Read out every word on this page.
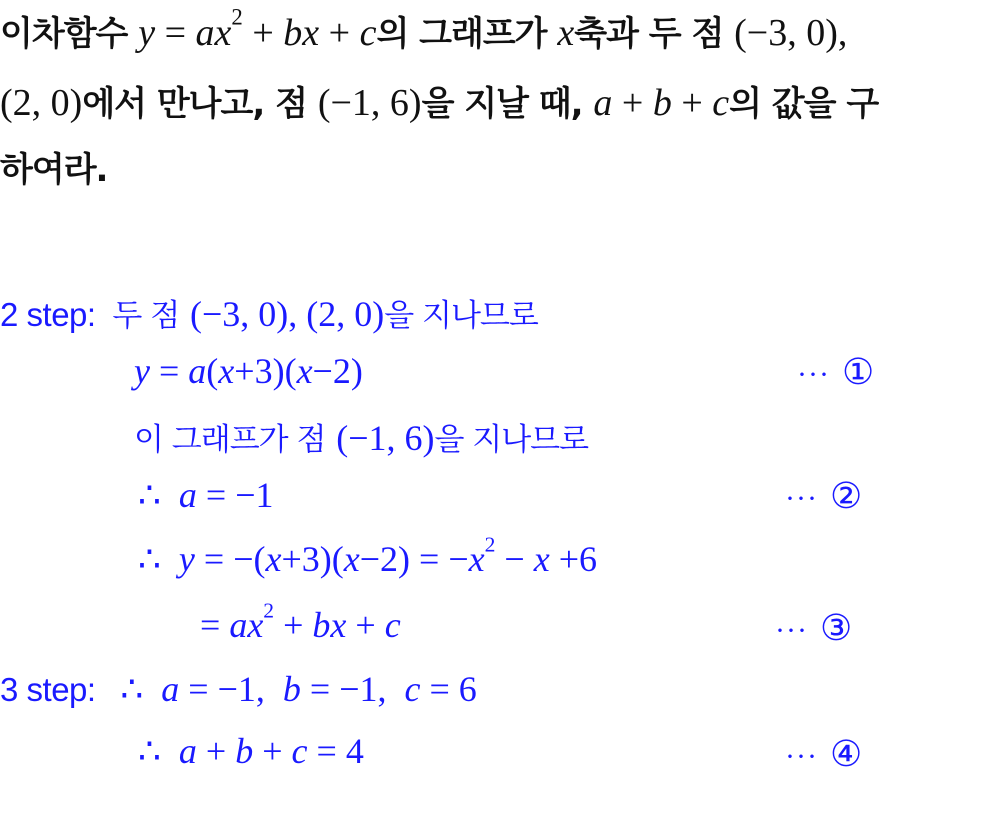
이차함수 $y = ax^2$ + bx + c의 그래프가 x축과 두 점 (−3, 0),
(2, 0)에서 만나고, 점 (−1, 6)을 지날 때, a + b + c의 값을 구
하여라.
2 step: 두 점 (−3, 0), (2, 0)을 지나므로
y = a(x+3)(x−2)	··· ①
이 그래프가 점 (−1, 6)을 지나므로
∴ a = −1	··· ②
∴ $y = -(x+3)(x-2) = -x^2 - x +6$
= $ax^2$ + bx + c	··· ③
3 step: ∴ a = −1, b = −1, c = 6
∴ a + b + c = 4	··· ④
